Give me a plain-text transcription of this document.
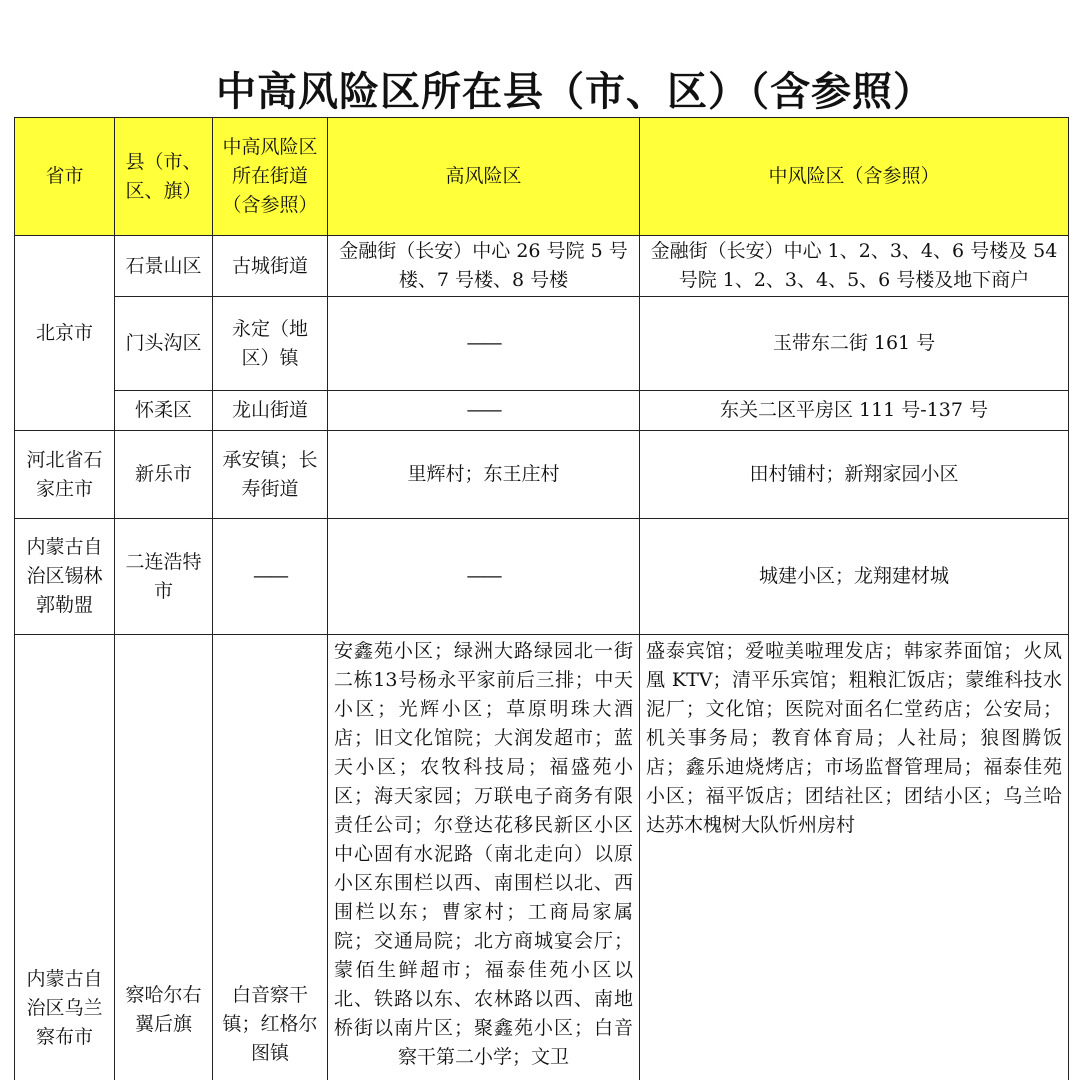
中高风险区所在县（市、区）（含参照）
省市	县（市、区、旗）	中高风险区所在街道（含参照）	高风险区	中风险区（含参照）
北京市	石景山区	古城街道	金融街（长安）中心 26 号院 5 号楼、7 号楼、8 号楼	金融街（长安）中心 1、2、3、4、6 号楼及 54 号院 1、2、3、4、5、6 号楼及地下商户
	门头沟区	永定（地区）镇	——	玉带东二街 161 号
	怀柔区	龙山街道	——	东关二区平房区 111 号-137 号
河北省石家庄市	新乐市	承安镇；长寿街道	里辉村；东王庄村	田村铺村；新翔家园小区
内蒙古自治区锡林郭勒盟	二连浩特市	——	——	城建小区；龙翔建材城
内蒙古自治区乌兰察布市	察哈尔右翼后旗	白音察干镇；红格尔图镇	安鑫苑小区；绿洲大路绿园北一街二栋13号杨永平家前后三排；中天小区；光辉小区；草原明珠大酒店；旧文化馆院；大润发超市；蓝天小区；农牧科技局；福盛苑小区；海天家园；万联电子商务有限责任公司；尔登达花移民新区小区中心固有水泥路（南北走向）以原小区东围栏以西、南围栏以北、西围栏以东；曹家村；工商局家属院；交通局院；北方商城宴会厅；蒙佰生鲜超市；福泰佳苑小区以北、铁路以东、农林路以西、南地桥街以南片区；聚鑫苑小区；白音察干第二小学；文卫	盛泰宾馆；爱啦美啦理发店；韩家荞面馆；火凤凰 KTV；清平乐宾馆；粗粮汇饭店；蒙维科技水泥厂；文化馆；医院对面名仁堂药店；公安局；机关事务局；教育体育局；人社局；狼图腾饭店；鑫乐迪烧烤店；市场监督管理局；福泰佳苑小区；福平饭店；团结社区；团结小区；乌兰哈达苏木槐树大队忻州房村
